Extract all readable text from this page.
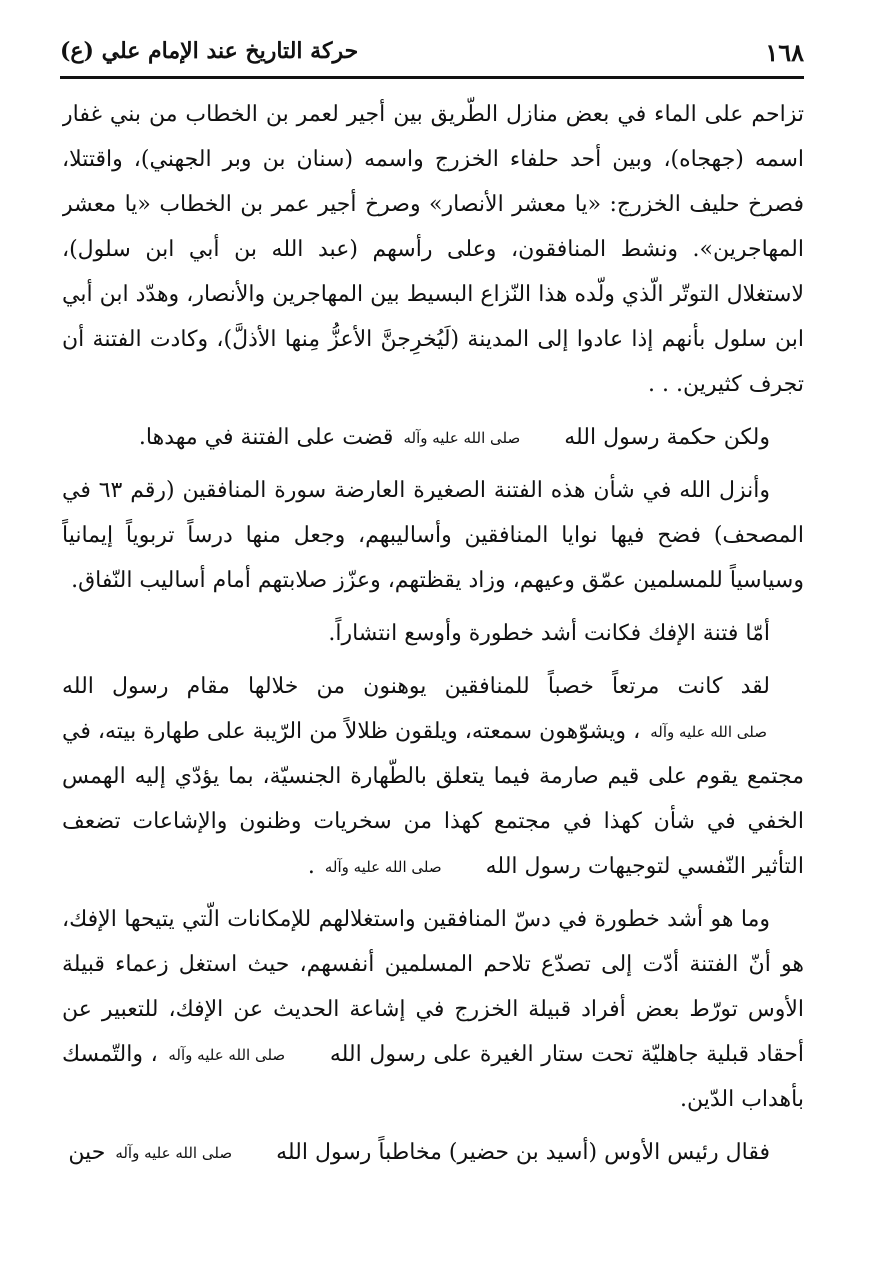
١٦٨
حركة التاريخ عند الإمام علي (ع)

تزاحم على الماء في بعض منازل الطّريق بين أجير لعمر بن الخطاب من بني غفار اسمه (جهجاه)، وبين أحد حلفاء الخزرج واسمه (سنان بن وبر الجهني)، واقتتلا، فصرخ حليف الخزرج: «يا معشر الأنصار» وصرخ أجير عمر بن الخطاب «يا معشر المهاجرين». ونشط المنافقون، وعلى رأسهم (عبد الله بن أبي ابن سلول)، لاستغلال التوتّر الّذي ولّده هذا النّزاع البسيط بين المهاجرين والأنصار، وهدّد ابن أبي ابن سلول بأنهم إذا عادوا إلى المدينة (لَيُخرِجنَّ الأعزُّ مِنها الأذلَّ)، وكادت الفتنة أن تجرف كثيرين. . .

ولكن حكمة رسول الله صلى الله عليه وآله قضت على الفتنة في مهدها.

وأنزل الله في شأن هذه الفتنة الصغيرة العارضة سورة المنافقين (رقم ٦٣ في المصحف) فضح فيها نوايا المنافقين وأساليبهم، وجعل منها درساً تربوياً إيمانياً وسياسياً للمسلمين عمّق وعيهم، وزاد يقظتهم، وعزّز صلابتهم أمام أساليب النّفاق.

أمّا فتنة الإفك فكانت أشد خطورة وأوسع انتشاراً.

لقد كانت مرتعاً خصباً للمنافقين يوهنون من خلالها مقام رسول الله صلى الله عليه وآله ، ويشوّهون سمعته، ويلقون ظلالاً من الرّيبة على طهارة بيته، في مجتمع يقوم على قيم صارمة فيما يتعلق بالطّهارة الجنسيّة، بما يؤدّي إليه الهمس الخفي في شأن كهذا في مجتمع كهذا من سخريات وظنون والإشاعات تضعف التأثير النّفسي لتوجيهات رسول الله صلى الله عليه وآله .

وما هو أشد خطورة في دسّ المنافقين واستغلالهم للإمكانات الّتي يتيحها الإفك، هو أنّ الفتنة أدّت إلى تصدّع تلاحم المسلمين أنفسهم، حيث استغل زعماء قبيلة الأوس تورّط بعض أفراد قبيلة الخزرج في إشاعة الحديث عن الإفك، للتعبير عن أحقاد قبلية جاهليّة تحت ستار الغيرة على رسول الله صلى الله عليه وآله ، والتّمسك بأهداب الدّين.

فقال رئيس الأوس (أسيد بن حضير) مخاطباً رسول الله صلى الله عليه وآله حين
